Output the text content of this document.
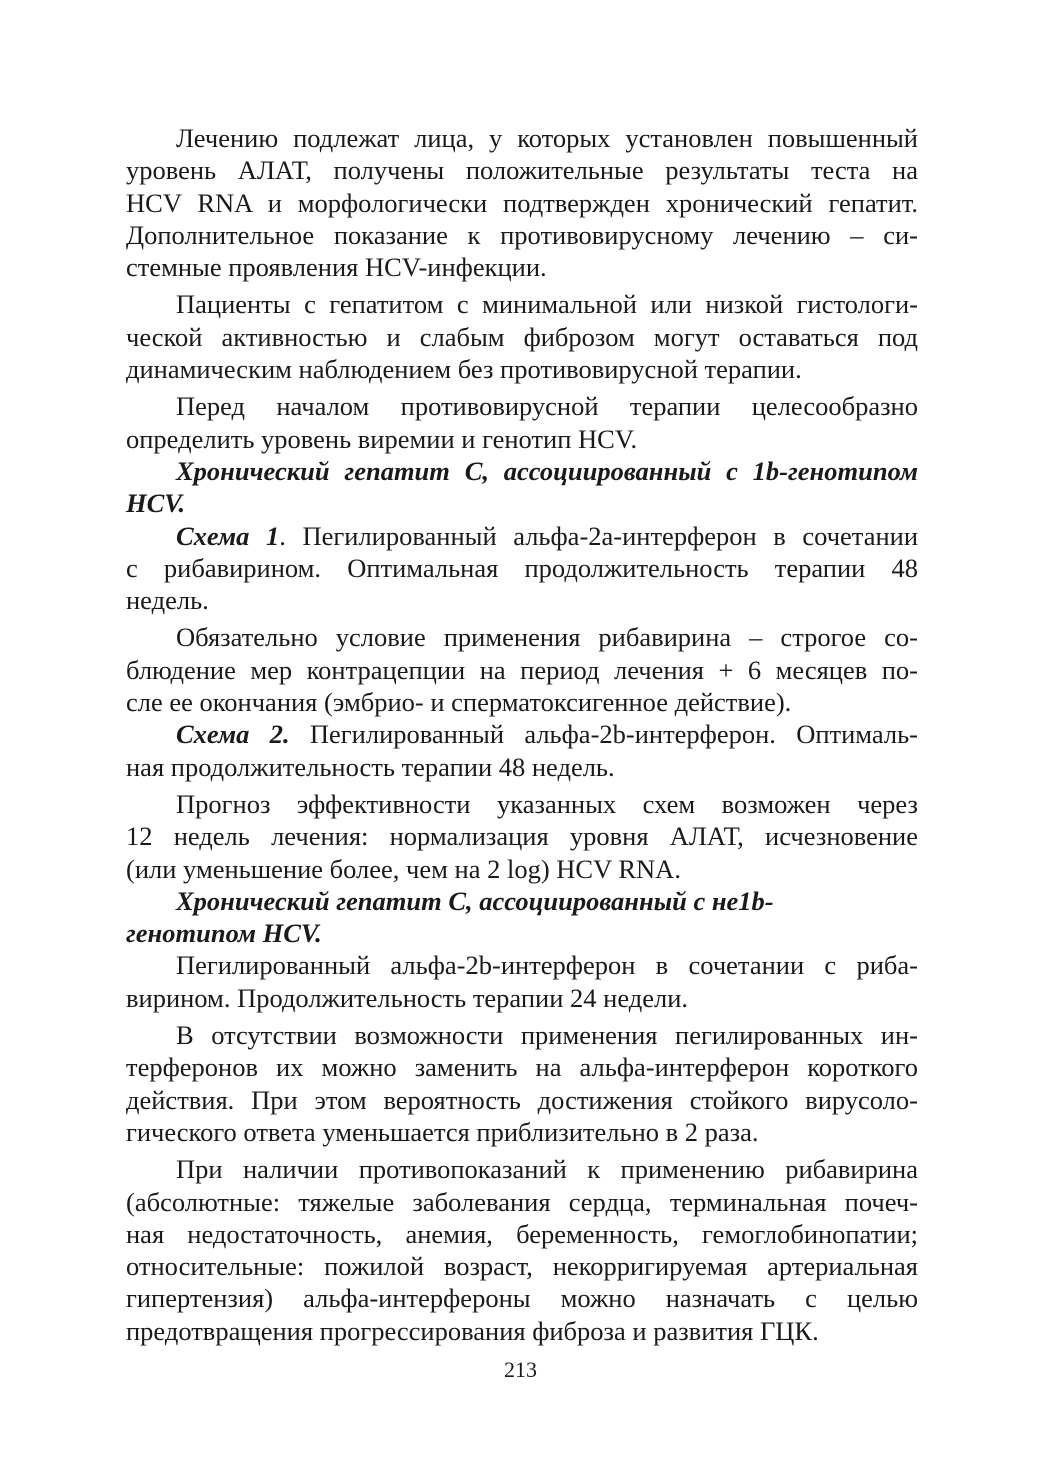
Лечению подлежат лица, у которых установлен повышенный
уровень АЛАТ, получены положительные результаты теста на
HCV RNA и морфологически подтвержден хронический гепатит.
Дополнительное показание к противовирусному лечению – си-
стемные проявления HCV-инфекции.
Пациенты с гепатитом с минимальной или низкой гистологи-
ческой активностью и слабым фиброзом могут оставаться под
динамическим наблюдением без противовирусной терапии.
Перед началом противовирусной терапии целесообразно
определить уровень виремии и генотип HCV.
Хронический гепатит С, ассоциированный с 1b-генотипом
HCV.
Схема 1. Пегилированный альфа-2а-интерферон в сочетании
с рибавирином. Оптимальная продолжительность терапии 48
недель.
Обязательно условие применения рибавирина – строгое со-
блюдение мер контрацепции на период лечения + 6 месяцев по-
сле ее окончания (эмбрио- и сперматоксигенное действие).
Схема 2. Пегилированный альфа-2b-интерферон. Оптималь-
ная продолжительность терапии 48 недель.
Прогноз эффективности указанных схем возможен через
12 недель лечения: нормализация уровня АЛАТ, исчезновение
(или уменьшение более, чем на 2 log) HCV RNA.
Хронический гепатит С, ассоциированный с не1b-
генотипом HCV.
Пегилированный альфа-2b-интерферон в сочетании с риба-
вирином. Продолжительность терапии 24 недели.
В отсутствии возможности применения пегилированных ин-
терферонов их можно заменить на альфа-интерферон короткого
действия. При этом вероятность достижения стойкого вирусоло-
гического ответа уменьшается приблизительно в 2 раза.
При наличии противопоказаний к применению рибавирина
(абсолютные: тяжелые заболевания сердца, терминальная почеч-
ная недостаточность, анемия, беременность, гемоглобинопатии;
относительные: пожилой возраст, некорригируемая артериальная
гипертензия) альфа-интерфероны можно назначать с целью
предотвращения прогрессирования фиброза и развития ГЦК.
213
